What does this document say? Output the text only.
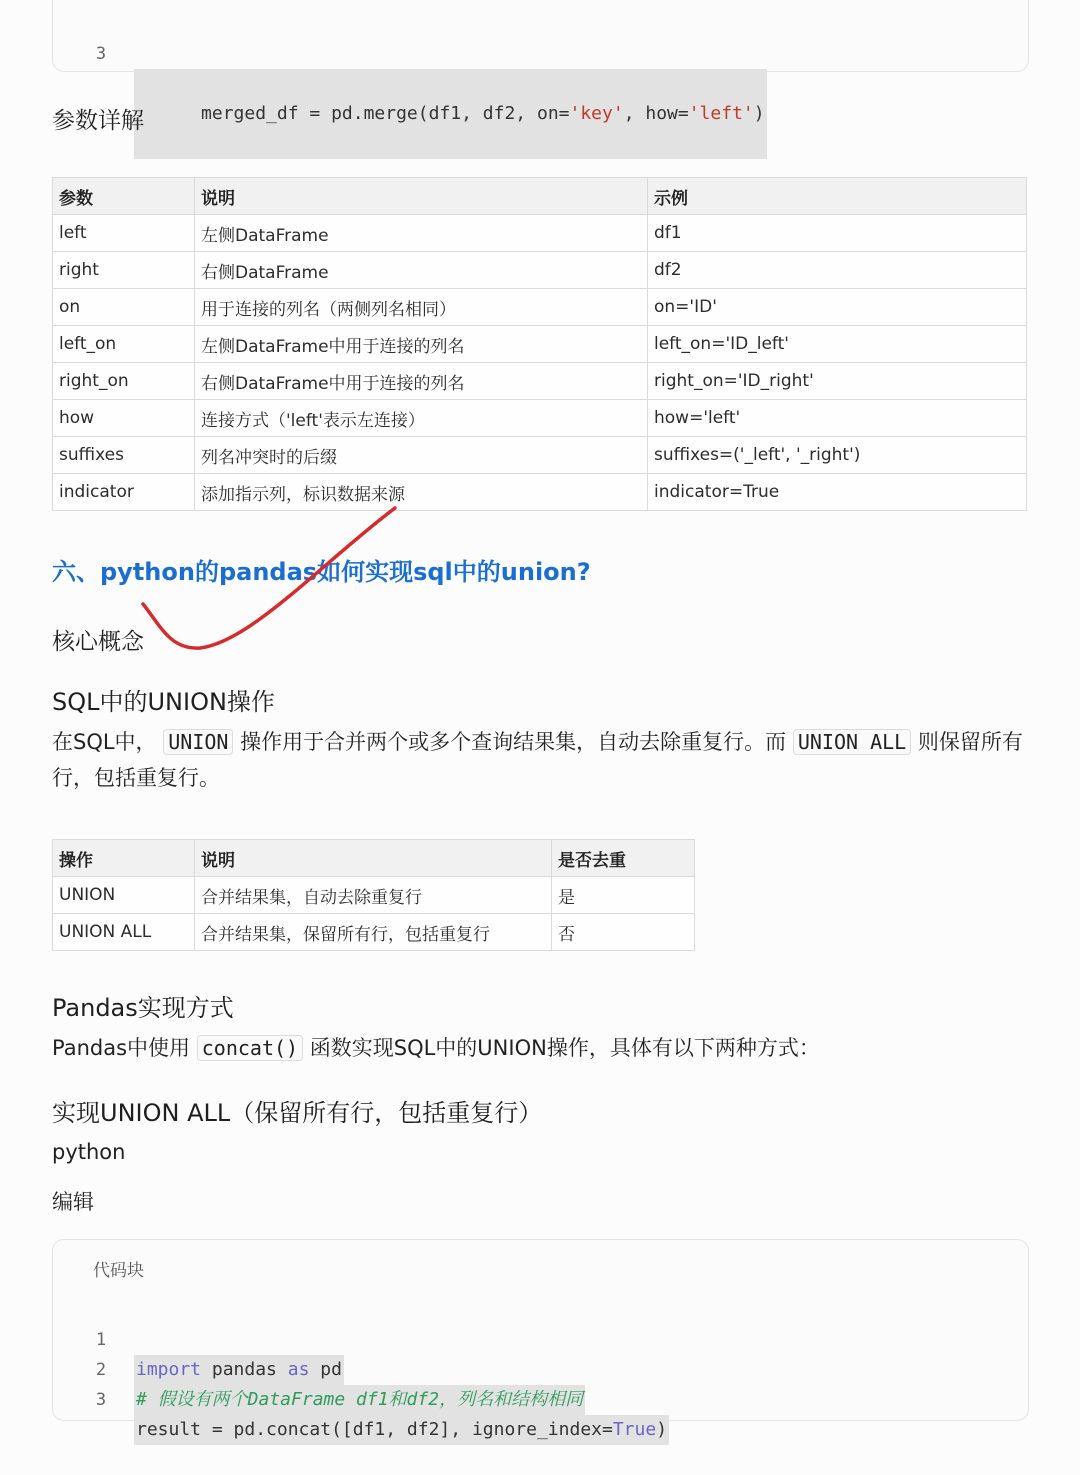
3

merged_df = pd.merge(df1, df2, on='key', how='left')

参数详解
参数	说明	示例
left	左侧DataFrame	df1
right	右侧DataFrame	df2
on	用于连接的列名（两侧列名相同）	on='ID'
left_on	左侧DataFrame中用于连接的列名	left_on='ID_left'
right_on	右侧DataFrame中用于连接的列名	right_on='ID_right'
how	连接方式（'left'表示左连接）	how='left'
suffixes	列名冲突时的后缀	suffixes=('_left', '_right')
indicator	添加指示列，标识数据来源	indicator=True
六、python的pandas如何实现sql中的union?
核心概念
SQL中的UNION操作
在SQL中， UNION 操作用于合并两个或多个查询结果集，自动去除重复行。而 UNION ALL 则保留所有行，包括重复行。
操作	说明	是否去重
UNION	合并结果集，自动去除重复行	是
UNION ALL	合并结果集，保留所有行，包括重复行	否
Pandas实现方式
Pandas中使用 concat() 函数实现SQL中的UNION操作，具体有以下两种方式：
实现UNION ALL（保留所有行，包括重复行）
python
编辑
代码块

1

import pandas as pd

2

# 假设有两个DataFrame df1和df2，列名和结构相同

3

result = pd.concat([df1, df2], ignore_index=True)
